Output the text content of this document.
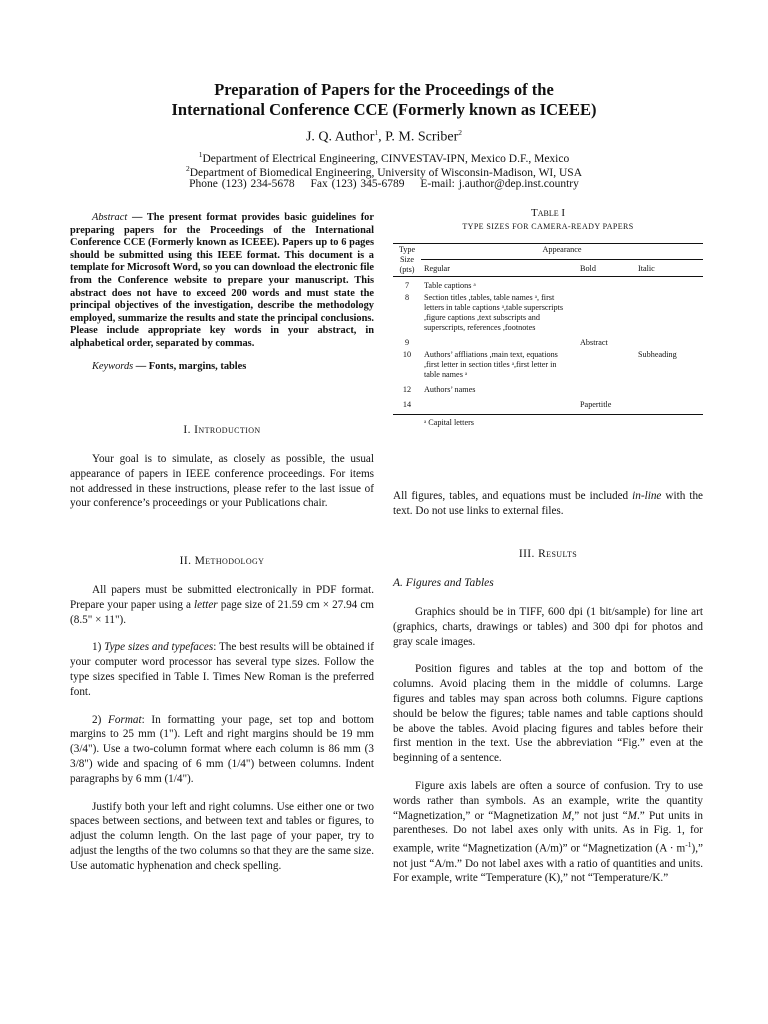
Preparation of Papers for the Proceedings of the
International Conference CCE (Formerly known as ICEEE)
J. Q. Author$^1$, P. M. Scriber$^2$
$^1$Department of Electrical Engineering, CINVESTAV-IPN, Mexico D.F., Mexico
$^2$Department of Biomedical Engineering, University of Wisconsin-Madison, WI, USA
Phone (123) 234-5678 Fax (123) 345-6789 E-mail: j.author@dep.inst.country

Abstract — The present format provides basic guidelines for preparing papers for the Proceedings of the International Conference CCE (Formerly known as ICEEE). Papers up to 6 pages should be submitted using this IEEE format. This document is a template for Microsoft Word, so you can download the electronic file from the Conference website to prepare your manuscript. This abstract does not have to exceed 200 words and must state the principal objectives of the investigation, describe the methodology employed, summarize the results and state the principal conclusions. Please include appropriate key words in your abstract, in alphabetical order, separated by commas.

Keywords — Fonts, margins, tables

I. Introduction

Your goal is to simulate, as closely as possible, the usual appearance of papers in IEEE conference proceedings. For items not addressed in these instructions, please refer to the last issue of your conference’s proceedings or your Publications chair.

II. Methodology

All papers must be submitted electronically in PDF format. Prepare your paper using a letter page size of 21.59 cm × 27.94 cm (8.5" × 11").

1) Type sizes and typefaces: The best results will be obtained if your computer word processor has several type sizes. Follow the type sizes specified in Table I. Times New Roman is the preferred font.

2) Format: In formatting your page, set top and bottom margins to 25 mm (1"). Left and right margins should be 19 mm (3/4"). Use a two-column format where each column is 86 mm (3 3/8") wide and spacing of 6 mm (1/4") between columns. Indent paragraphs by 6 mm (1/4").

Justify both your left and right columns. Use either one or two spaces between sections, and between text and tables or figures, to adjust the column length. On the last page of your paper, try to adjust the lengths of the two columns so that they are the same size. Use automatic hyphenation and check spelling.

Table I
TYPE SIZES FOR CAMERA-READY PAPERS
Type Size (pts)	Appearance		
	Regular	Bold	Italic
7	Table captions ᵃ		
8	Section titles ,tables, table names ᵃ, first letters in table captions ᵃ,table superscripts ,figure captions ,text subscripts and superscripts, references ,footnotes		
9		Abstract	
10	Authors’ affliations ,main text, equations ,first letter in section titles ᵃ,first letter in table names ᵃ		Subheading
12	Authors’ names		
14		Papertitle	
	ᵃ Capital letters		

All figures, tables, and equations must be included in-line with the text. Do not use links to external files.

III. Results
A. Figures and Tables

Graphics should be in TIFF, 600 dpi (1 bit/sample) for line art (graphics, charts, drawings or tables) and 300 dpi for photos and gray scale images.

Position figures and tables at the top and bottom of the columns. Avoid placing them in the middle of columns. Large figures and tables may span across both columns. Figure captions should be below the figures; table names and table captions should be above the tables. Avoid placing figures and tables before their first mention in the text. Use the abbreviation “Fig.” even at the beginning of a sentence.

Figure axis labels are often a source of confusion. Try to use words rather than symbols. As an example, write the quantity “Magnetization,” or “Magnetization M,” not just “M.” Put units in parentheses. Do not label axes only with units. As in Fig. 1, for example, write “Magnetization (A/m)” or “Magnetization $(A \cdot m^{-1})$,” not just “A/m.” Do not label axes with a ratio of quantities and units. For example, write “Temperature (K),” not “Temperature/K.”
